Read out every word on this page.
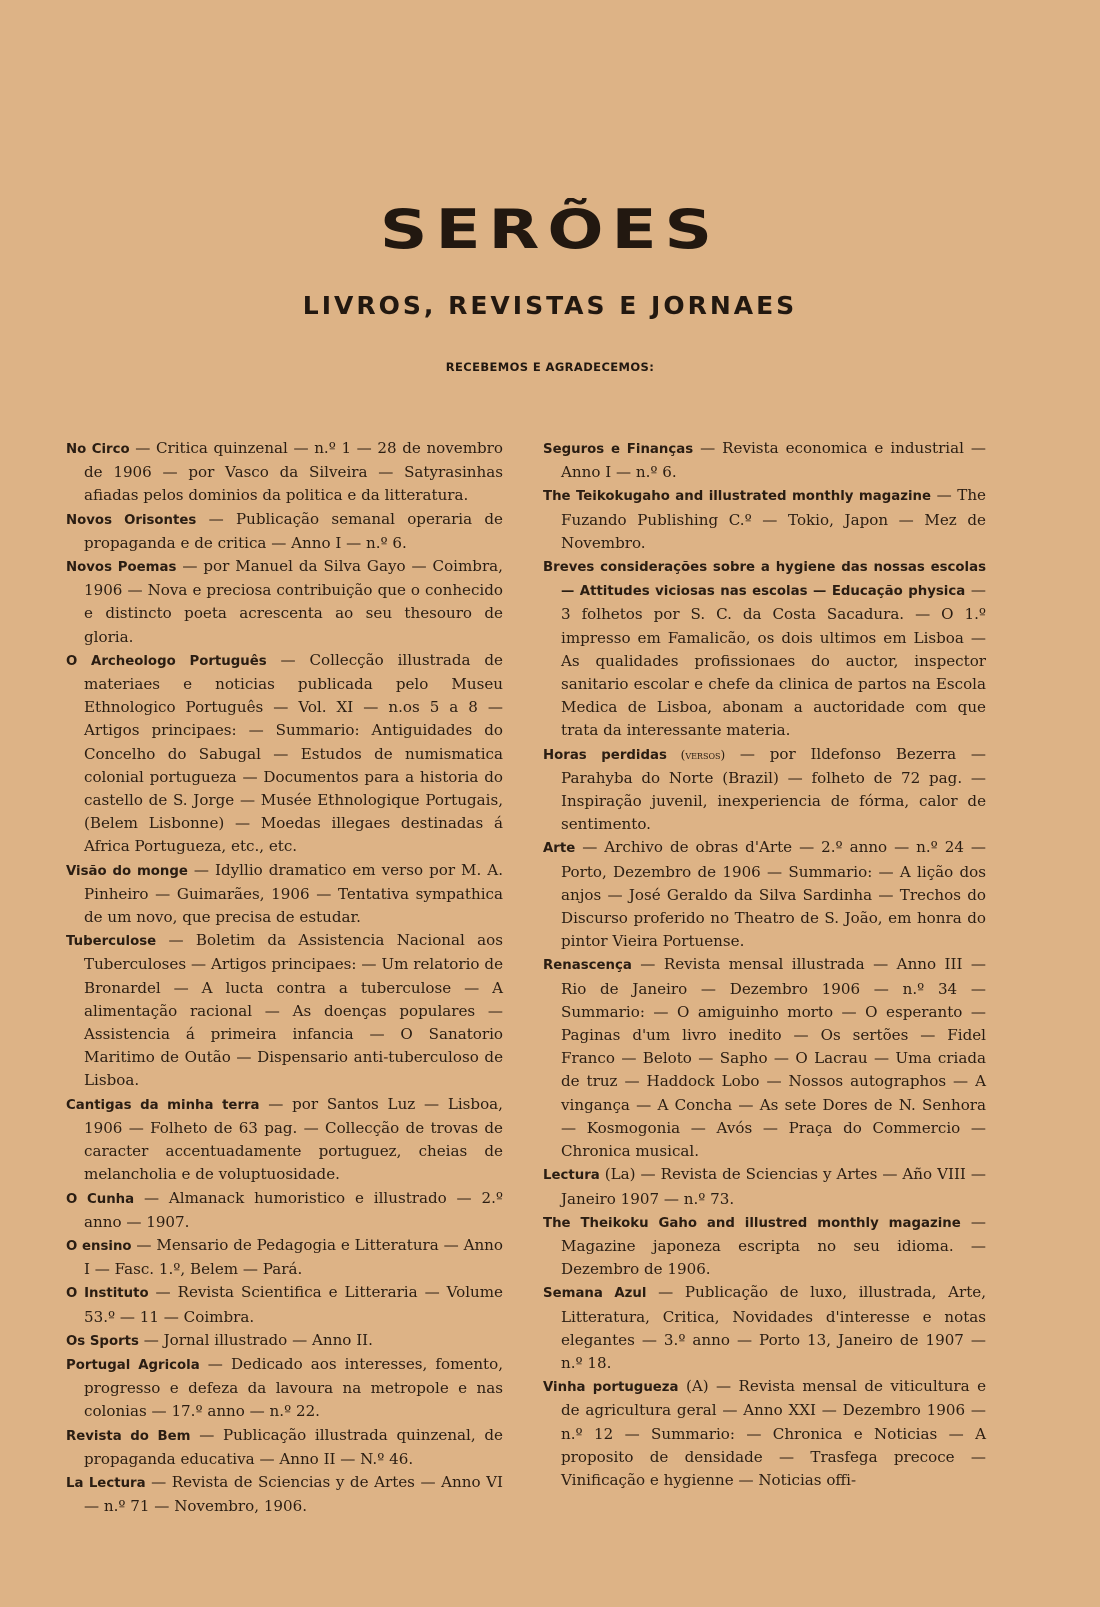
SERÕES
LIVROS, REVISTAS E JORNAES
RECEBEMOS E AGRADECEMOS:

No Circo — Critica quinzenal — n.º 1 — 28 de novembro de 1906 — por Vasco da Silveira — Satyrasinhas afiadas pelos dominios da politica e da litteratura.

Novos Orisontes — Publicação semanal operaria de propaganda e de critica — Anno I — n.º 6.

Novos Poemas — por Manuel da Silva Gayo — Coimbra, 1906 — Nova e preciosa contribuição que o conhecido e distincto poeta acrescenta ao seu thesouro de gloria.

O Archeologo Português — Collecção illustrada de materiaes e noticias publicada pelo Museu Ethnologico Português — Vol. XI — n.os 5 a 8 — Artigos principaes: — Summario: Antiguidades do Concelho do Sabugal — Estudos de numismatica colonial portugueza — Documentos para a historia do castello de S. Jorge — Musée Ethnologique Portugais, (Belem Lisbonne) — Moedas illegaes destinadas á Africa Portugueza, etc., etc.

Visão do monge — Idyllio dramatico em verso por M. A. Pinheiro — Guimarães, 1906 — Tentativa sympathica de um novo, que precisa de estudar.

Tuberculose — Boletim da Assistencia Nacional aos Tuberculoses — Artigos principaes: — Um relatorio de Bronardel — A lucta contra a tuberculose — A alimentação racional — As doenças populares — Assistencia á primeira infancia — O Sanatorio Maritimo de Outão — Dispensario anti-tuberculoso de Lisboa.

Cantigas da minha terra — por Santos Luz — Lisboa, 1906 — Folheto de 63 pag. — Collecção de trovas de caracter accentuadamente portuguez, cheias de melancholia e de voluptuosidade.

O Cunha — Almanack humoristico e illustrado — 2.º anno — 1907.

O ensino — Mensario de Pedagogia e Litteratura — Anno I — Fasc. 1.º, Belem — Pará.

O Instituto — Revista Scientifica e Litteraria — Volume 53.º — 11 — Coimbra.

Os Sports — Jornal illustrado — Anno II.

Portugal Agricola — Dedicado aos interesses, fomento, progresso e defeza da lavoura na metropole e nas colonias — 17.º anno — n.º 22.

Revista do Bem — Publicação illustrada quinzenal, de propaganda educativa — Anno II — N.º 46.

La Lectura — Revista de Sciencias y de Artes — Anno VI — n.º 71 — Novembro, 1906.

Seguros e Finanças — Revista economica e industrial — Anno I — n.º 6.

The Teikokugaho and illustrated monthly magazine — The Fuzando Publishing C.º — Tokio, Japon — Mez de Novembro.

Breves considerações sobre a hygiene das nossas escolas — Attitudes viciosas nas escolas — Educação physica — 3 folhetos por S. C. da Costa Sacadura. — O 1.º impresso em Famalicão, os dois ultimos em Lisboa — As qualidades profissionaes do auctor, inspector sanitario escolar e chefe da clinica de partos na Escola Medica de Lisboa, abonam a auctoridade com que trata da interessante materia.

Horas perdidas (versos) — por Ildefonso Bezerra — Parahyba do Norte (Brazil) — folheto de 72 pag. — Inspiração juvenil, inexperiencia de fórma, calor de sentimento.

Arte — Archivo de obras d'Arte — 2.º anno — n.º 24 — Porto, Dezembro de 1906 — Summario: — A lição dos anjos — José Geraldo da Silva Sardinha — Trechos do Discurso proferido no Theatro de S. João, em honra do pintor Vieira Portuense.

Renascença — Revista mensal illustrada — Anno III — Rio de Janeiro — Dezembro 1906 — n.º 34 — Summario: — O amiguinho morto — O esperanto — Paginas d'um livro inedito — Os sertões — Fidel Franco — Beloto — Sapho — O Lacrau — Uma criada de truz — Haddock Lobo — Nossos autographos — A vingança — A Concha — As sete Dores de N. Senhora — Kosmogonia — Avós — Praça do Commercio — Chronica musical.

Lectura (La) — Revista de Sciencias y Artes — Año VIII — Janeiro 1907 — n.º 73.

The Theikoku Gaho and illustred monthly magazine — Magazine japoneza escripta no seu idioma. — Dezembro de 1906.

Semana Azul — Publicação de luxo, illustrada, Arte, Litteratura, Critica, Novidades d'interesse e notas elegantes — 3.º anno — Porto 13, Janeiro de 1907 — n.º 18.

Vinha portugueza (A) — Revista mensal de viticultura e de agricultura geral — Anno XXI — Dezembro 1906 — n.º 12 — Summario: — Chronica e Noticias — A proposito de densidade — Trasfega precoce — Vinificação e hygienne — Noticias offi-
